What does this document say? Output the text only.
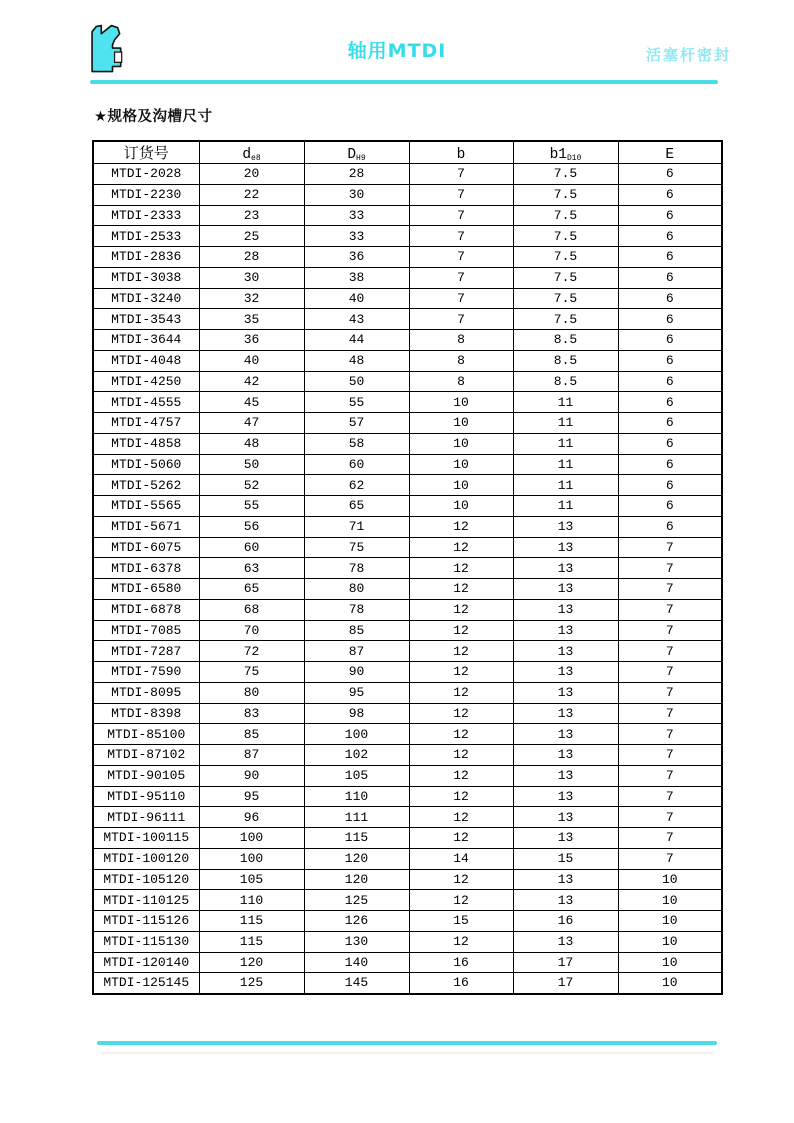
轴用MTDI	活塞杆密封
★规格及沟槽尺寸
订货号	de8	DH9	b	b1D10	E
MTDI-2028	20	28	7	7.5	6
MTDI-2230	22	30	7	7.5	6
MTDI-2333	23	33	7	7.5	6
MTDI-2533	25	33	7	7.5	6
MTDI-2836	28	36	7	7.5	6
MTDI-3038	30	38	7	7.5	6
MTDI-3240	32	40	7	7.5	6
MTDI-3543	35	43	7	7.5	6
MTDI-3644	36	44	8	8.5	6
MTDI-4048	40	48	8	8.5	6
MTDI-4250	42	50	8	8.5	6
MTDI-4555	45	55	10	11	6
MTDI-4757	47	57	10	11	6
MTDI-4858	48	58	10	11	6
MTDI-5060	50	60	10	11	6
MTDI-5262	52	62	10	11	6
MTDI-5565	55	65	10	11	6
MTDI-5671	56	71	12	13	6
MTDI-6075	60	75	12	13	7
MTDI-6378	63	78	12	13	7
MTDI-6580	65	80	12	13	7
MTDI-6878	68	78	12	13	7
MTDI-7085	70	85	12	13	7
MTDI-7287	72	87	12	13	7
MTDI-7590	75	90	12	13	7
MTDI-8095	80	95	12	13	7
MTDI-8398	83	98	12	13	7
MTDI-85100	85	100	12	13	7
MTDI-87102	87	102	12	13	7
MTDI-90105	90	105	12	13	7
MTDI-95110	95	110	12	13	7
MTDI-96111	96	111	12	13	7
MTDI-100115	100	115	12	13	7
MTDI-100120	100	120	14	15	7
MTDI-105120	105	120	12	13	10
MTDI-110125	110	125	12	13	10
MTDI-115126	115	126	15	16	10
MTDI-115130	115	130	12	13	10
MTDI-120140	120	140	16	17	10
MTDI-125145	125	145	16	17	10
